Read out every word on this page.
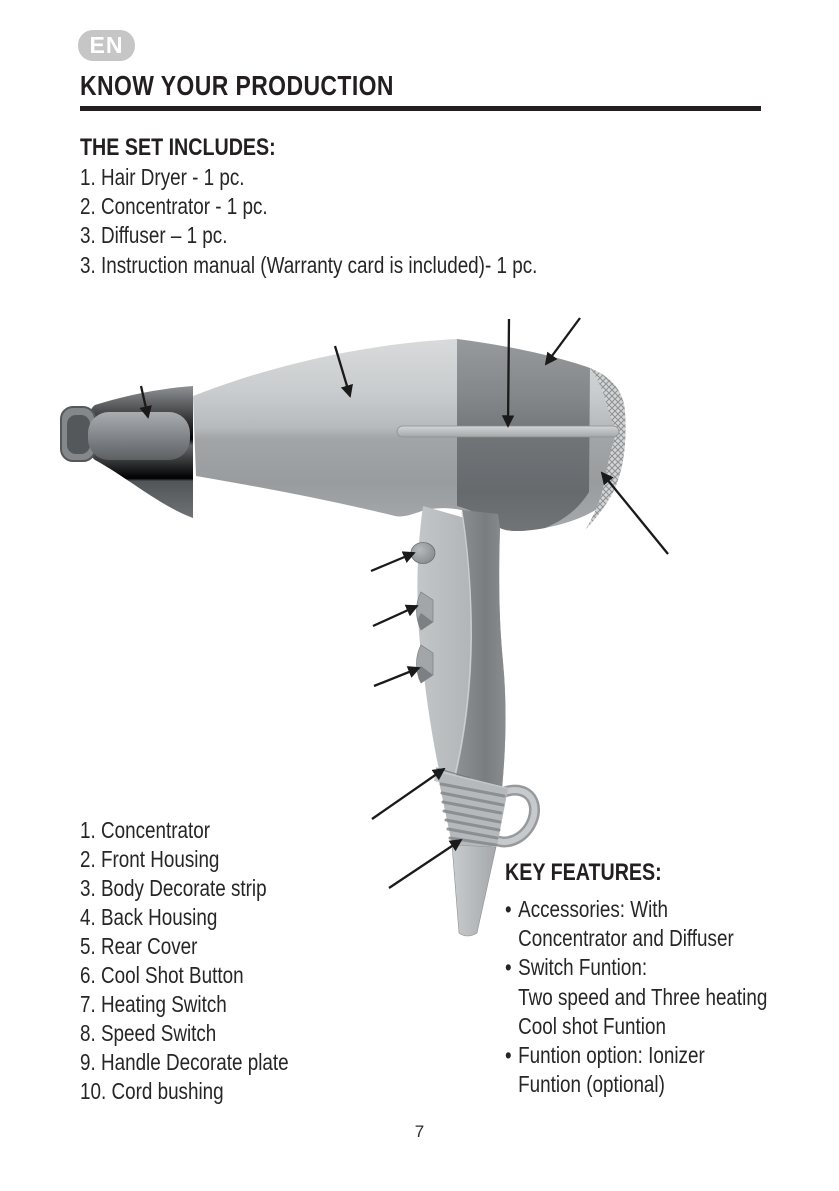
EN
KNOW YOUR PRODUCTION
THE SET INCLUDES:
1. Hair Dryer - 1 pc.
2. Concentrator - 1 pc.
3. Diffuser – 1 pc.
3. Instruction manual (Warranty card is included)- 1 pc.
1. Concentrator
2. Front Housing
3. Body Decorate strip
4. Back Housing
5. Rear Cover
6. Cool Shot Button
7. Heating Switch
8. Speed Switch
9. Handle Decorate plate
10. Cord bushing
KEY FEATURES:
• Accessories: With
Concentrator and Diffuser
• Switch Funtion:
Two speed and Three heating
Cool shot Funtion
• Funtion option: Ionizer
Funtion (optional)
7
